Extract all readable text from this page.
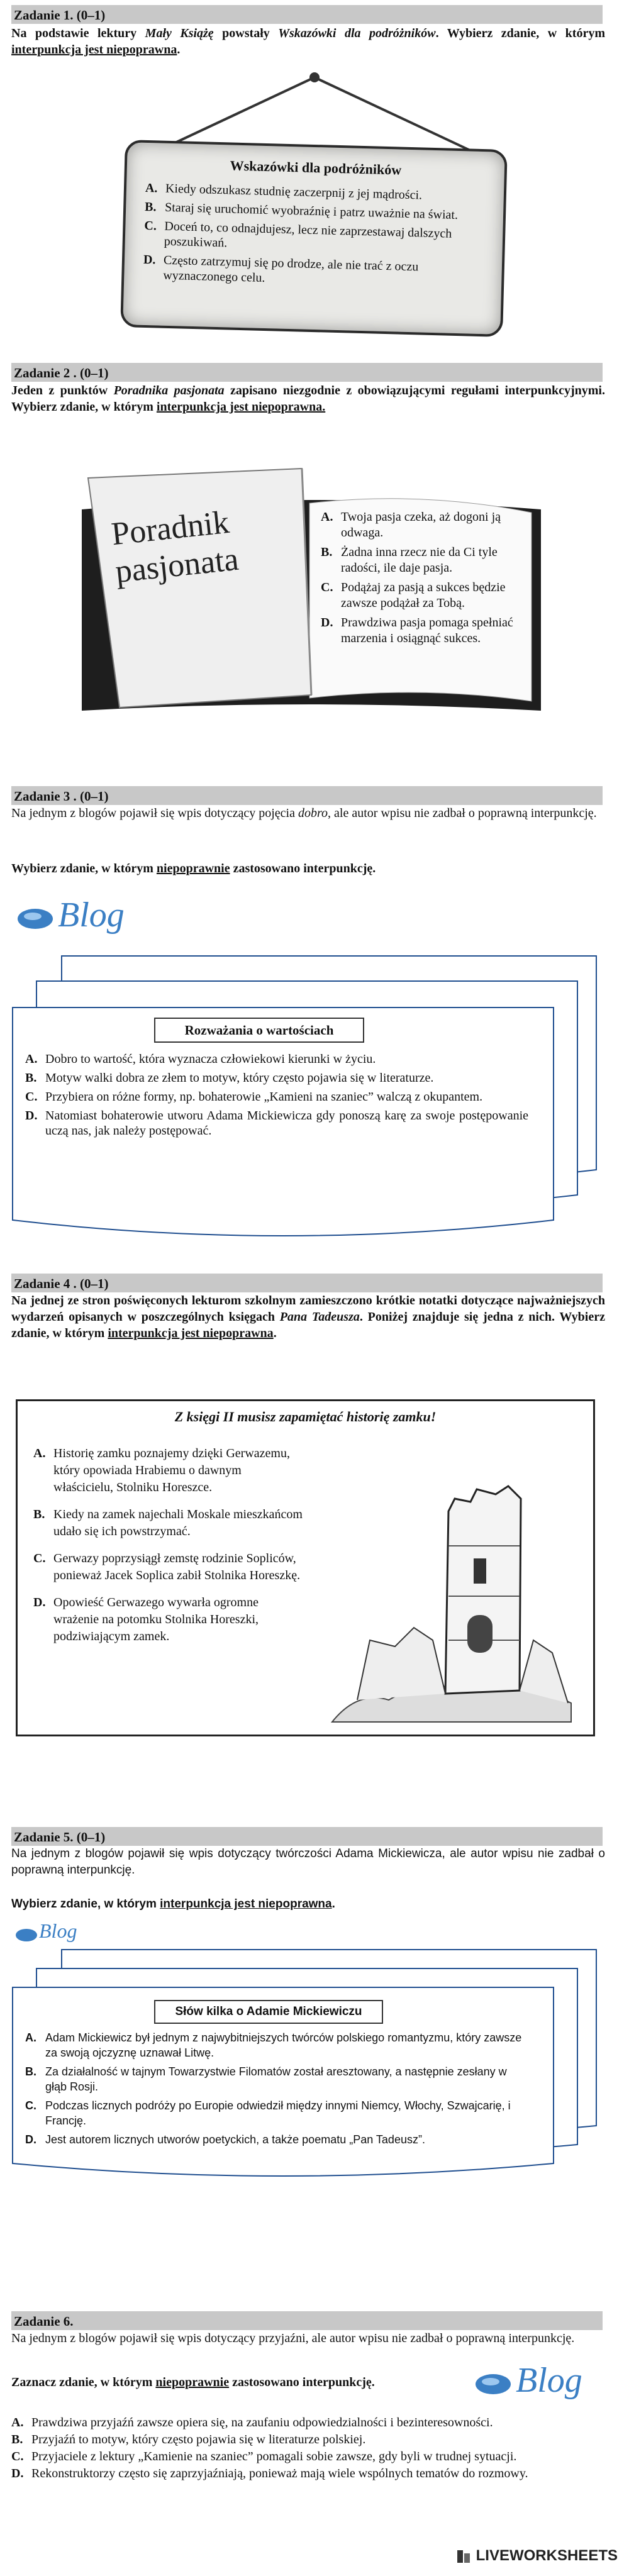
Zadanie 1. (0–1)
Na podstawie lektury Mały Książę powstały Wskazówki dla podróżników. Wybierz zdanie, w którym interpunkcja jest niepoprawna.
Wskazówki dla podróżników
A. Kiedy odszukasz studnię zaczerpnij z jej mądrości.
B. Staraj się uruchomić wyobraźnię i patrz uważnie na świat.
C. Doceń to, co odnajdujesz, lecz nie zaprzestawaj dalszych poszukiwań.
D. Często zatrzymuj się po drodze, ale nie trać z oczu wyznaczonego celu.
Zadanie 2 . (0–1)
Jeden z punktów Poradnika pasjonata zapisano niezgodnie z obowiązującymi regułami interpunkcyjnymi. Wybierz zdanie, w którym interpunkcja jest niepoprawna.
Poradnik
pasjonata
A. Twoja pasja czeka, aż dogoni ją odwaga.
B. Żadna inna rzecz nie da Ci tyle radości, ile daje pasja.
C. Podążaj za pasją a sukces będzie zawsze podążał za Tobą.
D. Prawdziwa pasja pomaga spełniać marzenia i osiągnąć sukces.
Zadanie 3 . (0–1)
Na jednym z blogów pojawił się wpis dotyczący pojęcia dobro, ale autor wpisu nie zadbał o poprawną interpunkcję.
Wybierz zdanie, w którym niepoprawnie zastosowano interpunkcję.
Blog
Rozważania o wartościach
A. Dobro to wartość, która wyznacza człowiekowi kierunki w życiu.
B. Motyw walki dobra ze złem to motyw, który często pojawia się w literaturze.
C. Przybiera on różne formy, np. bohaterowie „Kamieni na szaniec” walczą z okupantem.
D. Natomiast bohaterowie utworu Adama Mickiewicza gdy ponoszą karę za swoje postępowanie uczą nas, jak należy postępować.
Zadanie 4 . (0–1)
Na jednej ze stron poświęconych lekturom szkolnym zamieszczono krótkie notatki dotyczące najważniejszych wydarzeń opisanych w poszczególnych księgach Pana Tadeusza. Poniżej znajduje się jedna z nich. Wybierz zdanie, w którym interpunkcja jest niepoprawna.
Z księgi II musisz zapamiętać historię zamku!
A. Historię zamku poznajemy dzięki Gerwazemu, który opowiada Hrabiemu o dawnym właścicielu, Stolniku Horeszce.
B. Kiedy na zamek najechali Moskale mieszkańcom udało się ich powstrzymać.
C. Gerwazy poprzysiągł zemstę rodzinie Sopliców, ponieważ Jacek Soplica zabił Stolnika Horeszkę.
D. Opowieść Gerwazego wywarła ogromne wrażenie na potomku Stolnika Horeszki, podziwiającym zamek.
Zadanie 5. (0–1)
Na jednym z blogów pojawił się wpis dotyczący twórczości Adama Mickiewicza, ale autor wpisu nie zadbał o poprawną interpunkcję.
Wybierz zdanie, w którym interpunkcja jest niepoprawna.
Blog
Słów kilka o Adamie Mickiewiczu
A. Adam Mickiewicz był jednym z najwybitniejszych twórców polskiego romantyzmu, który zawsze za swoją ojczyznę uznawał Litwę.
B. Za działalność w tajnym Towarzystwie Filomatów został aresztowany, a następnie zesłany w głąb Rosji.
C. Podczas licznych podróży po Europie odwiedził między innymi Niemcy, Włochy, Szwajcarię, i Francję.
D. Jest autorem licznych utworów poetyckich, a także poematu „Pan Tadeusz”.
Zadanie 6.
Na jednym z blogów pojawił się wpis dotyczący przyjaźni, ale autor wpisu nie zadbał o poprawną interpunkcję.
Zaznacz zdanie, w którym niepoprawnie zastosowano interpunkcję.	Blog
A. Prawdziwa przyjaźń zawsze opiera się, na zaufaniu odpowiedzialności i bezinteresowności.
B. Przyjaźń to motyw, który często pojawia się w literaturze polskiej.
C. Przyjaciele z lektury „Kamienie na szaniec” pomagali sobie zawsze, gdy byli w trudnej sytuacji.
D. Rekonstruktorzy często się zaprzyjaźniają, ponieważ mają wiele wspólnych tematów do rozmowy.
LIVEWORKSHEETS
